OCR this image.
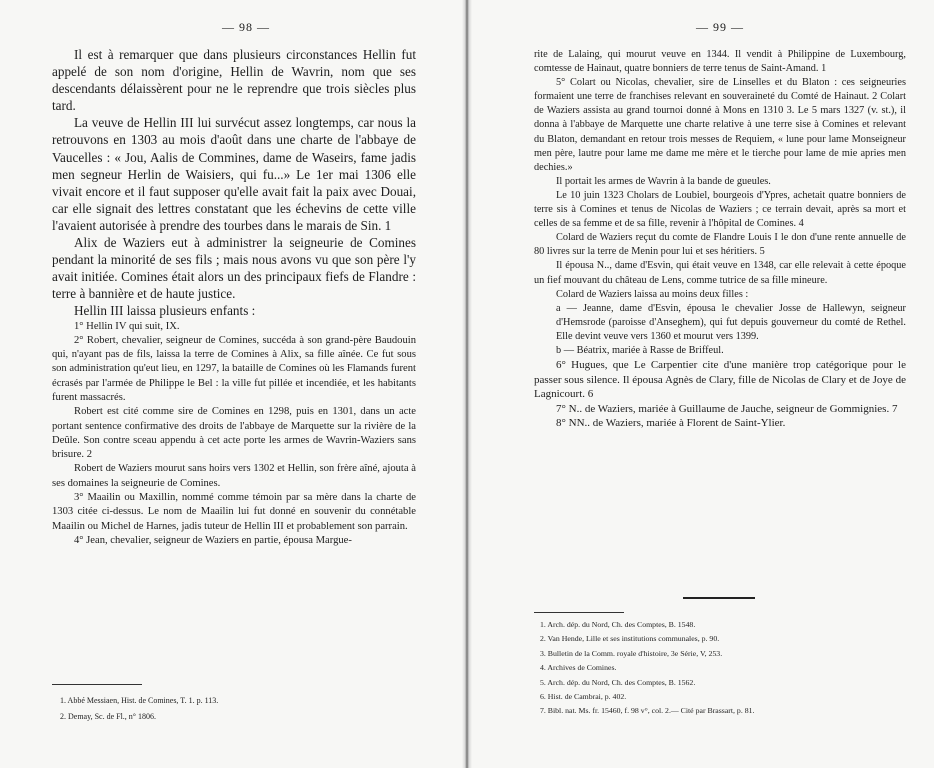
— 98 —	— 99 —

Il est à remarquer que dans plusieurs circonstances Hellin fut appelé de son nom d'origine, Hellin de Wavrin, nom que ses descendants délaissèrent pour ne le reprendre que trois siècles plus tard.

La veuve de Hellin III lui survécut assez longtemps, car nous la retrouvons en 1303 au mois d'août dans une charte de l'abbaye de Vaucelles : « Jou, Aalis de Commines, dame de Waseirs, fame jadis men segneur Herlin de Waisiers, qui fu...» Le 1er mai 1306 elle vivait encore et il faut supposer qu'elle avait fait la paix avec Douai, car elle signait des lettres constatant que les échevins de cette ville l'avaient autorisée à prendre des tourbes dans le marais de Sin. 1

Alix de Waziers eut à administrer la seigneurie de Comines pendant la minorité de ses fils ; mais nous avons vu que son père l'y avait initiée. Comines était alors un des principaux fiefs de Flandre : terre à bannière et de haute justice.

Hellin III laissa plusieurs enfants :

1° Hellin IV qui suit, IX.

2° Robert, chevalier, seigneur de Comines, succéda à son grand-père Baudouin qui, n'ayant pas de fils, laissa la terre de Comines à Alix, sa fille aînée. Ce fut sous son administration qu'eut lieu, en 1297, la bataille de Comines où les Flamands furent écrasés par l'armée de Philippe le Bel : la ville fut pillée et incendiée, et les habitants furent massacrés.

Robert est cité comme sire de Comines en 1298, puis en 1301, dans un acte portant sentence confirmative des droits de l'abbaye de Marquette sur la rivière de la Deûle. Son contre sceau appendu à cet acte porte les armes de Wavrin-Waziers sans brisure. 2

Robert de Waziers mourut sans hoirs vers 1302 et Hellin, son frère aîné, ajouta à ses domaines la seigneurie de Comines.

3° Maailin ou Maxillin, nommé comme témoin par sa mère dans la charte de 1303 citée ci-dessus. Le nom de Maailin lui fut donné en souvenir du connétable Maailin ou Michel de Harnes, jadis tuteur de Hellin III et probablement son parrain.

4° Jean, chevalier, seigneur de Waziers en partie, épousa Margue-

1. Abbé Messiaen, Hist. de Comines, T. 1. p. 113.
2. Demay, Sc. de Fl., n° 1806.

rite de Lalaing, qui mourut veuve en 1344. Il vendit à Philippine de Luxembourg, comtesse de Hainaut, quatre bonniers de terre tenus de Saint-Amand. 1

5° Colart ou Nicolas, chevalier, sire de Linselles et du Blaton : ces seigneuries formaient une terre de franchises relevant en souveraineté du Comté de Hainaut. 2 Colart de Waziers assista au grand tournoi donné à Mons en 1310 3. Le 5 mars 1327 (v. st.), il donna à l'abbaye de Marquette une charte relative à une terre sise à Comines et relevant du Blaton, demandant en retour trois messes de Requiem, « lune pour lame Monseigneur men père, lautre pour lame me dame me mère et le tierche pour lame de mie apries men dechies.»

Il portait les armes de Wavrin à la bande de gueules.

Le 10 juin 1323 Cholars de Loubiel, bourgeois d'Ypres, achetait quatre bonniers de terre sis à Comines et tenus de Nicolas de Waziers ; ce terrain devait, après sa mort et celles de sa femme et de sa fille, revenir à l'hôpital de Comines. 4

Colard de Waziers reçut du comte de Flandre Louis I le don d'une rente annuelle de 80 livres sur la terre de Menin pour lui et ses héritiers. 5

Il épousa N.., dame d'Esvin, qui était veuve en 1348, car elle relevait à cette époque un fief mouvant du château de Lens, comme tutrice de sa fille mineure.

Colard de Waziers laissa au moins deux filles :

a — Jeanne, dame d'Esvin, épousa le chevalier Josse de Hallewyn, seigneur d'Hemsrode (paroisse d'Anseghem), qui fut depuis gouverneur du comté de Rethel. Elle devint veuve vers 1360 et mourut vers 1399.

b — Béatrix, mariée à Rasse de Briffeul.

6° Hugues, que Le Carpentier cite d'une manière trop catégorique pour le passer sous silence. Il épousa Agnès de Clary, fille de Nicolas de Clary et de Joye de Lagnicourt. 6

7° N.. de Waziers, mariée à Guillaume de Jauche, seigneur de Gommignies. 7

8° NN.. de Waziers, mariée à Florent de Saint-Ylier.

1. Arch. dép. du Nord, Ch. des Comptes, B. 1548.
2. Van Hende, Lille et ses institutions communales, p. 90.
3. Bulletin de la Comm. royale d'histoire, 3e Série, V, 253.
4. Archives de Comines.
5. Arch. dép. du Nord, Ch. des Comptes, B. 1562.
6. Hist. de Cambrai, p. 402.
7. Bibl. nat. Ms. fr. 15460, f. 98 v°, col. 2.— Cité par Brassart, p. 81.
